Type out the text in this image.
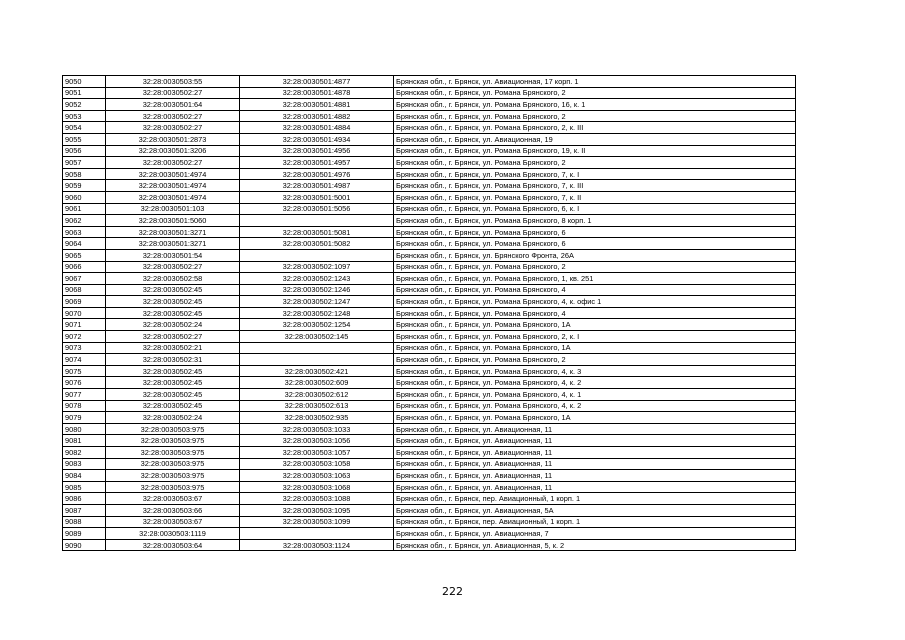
9050	32:28:0030503:55	32:28:0030501:4877	Брянская обл., г. Брянск, ул. Авиационная, 17 корп. 1
9051	32:28:0030502:27	32:28:0030501:4878	Брянская обл., г. Брянск, ул. Романа Брянского, 2
9052	32:28:0030501:64	32:28:0030501:4881	Брянская обл., г. Брянск, ул. Романа Брянского, 16, к. 1
9053	32:28:0030502:27	32:28:0030501:4882	Брянская обл., г. Брянск, ул. Романа Брянского, 2
9054	32:28:0030502:27	32:28:0030501:4884	Брянская обл., г. Брянск, ул. Романа Брянского, 2, к. III
9055	32:28:0030501:2873	32:28:0030501:4934	Брянская обл., г. Брянск, ул. Авиационная, 19
9056	32:28:0030501:3206	32:28:0030501:4956	Брянская обл., г. Брянск, ул. Романа Брянского, 19, к. II
9057	32:28:0030502:27	32:28:0030501:4957	Брянская обл., г. Брянск, ул. Романа Брянского, 2
9058	32:28:0030501:4974	32:28:0030501:4976	Брянская обл., г. Брянск, ул. Романа Брянского, 7, к. I
9059	32:28:0030501:4974	32:28:0030501:4987	Брянская обл., г. Брянск, ул. Романа Брянского, 7, к. III
9060	32:28:0030501:4974	32:28:0030501:5001	Брянская обл., г. Брянск, ул. Романа Брянского, 7, к. II
9061	32:28:0030501:103	32:28:0030501:5056	Брянская обл., г. Брянск, ул. Романа Брянского, 6, к. I
9062	32:28:0030501:5060		Брянская обл., г. Брянск, ул. Романа Брянского, 8 корп. 1
9063	32:28:0030501:3271	32:28:0030501:5081	Брянская обл., г. Брянск, ул. Романа Брянского, 6
9064	32:28:0030501:3271	32:28:0030501:5082	Брянская обл., г. Брянск, ул. Романа Брянского, 6
9065	32:28:0030501:54		Брянская обл., г. Брянск, ул. Брянского Фронта, 26А
9066	32:28:0030502:27	32:28:0030502:1097	Брянская обл., г. Брянск, ул. Романа Брянского, 2
9067	32:28:0030502:58	32:28:0030502:1243	Брянская обл., г. Брянск, ул. Романа Брянского, 1, кв. 251
9068	32:28:0030502:45	32:28:0030502:1246	Брянская обл., г. Брянск, ул. Романа Брянского, 4
9069	32:28:0030502:45	32:28:0030502:1247	Брянская обл., г. Брянск, ул. Романа Брянского, 4, к. офис 1
9070	32:28:0030502:45	32:28:0030502:1248	Брянская обл., г. Брянск, ул. Романа Брянского, 4
9071	32:28:0030502:24	32:28:0030502:1254	Брянская обл., г. Брянск, ул. Романа Брянского, 1А
9072	32:28:0030502:27	32:28:0030502:145	Брянская обл., г. Брянск, ул. Романа Брянского, 2, к. I
9073	32:28:0030502:21		Брянская обл., г. Брянск, ул. Романа Брянского, 1А
9074	32:28:0030502:31		Брянская обл., г. Брянск, ул. Романа Брянского, 2
9075	32:28:0030502:45	32:28:0030502:421	Брянская обл., г. Брянск, ул. Романа Брянского, 4, к. 3
9076	32:28:0030502:45	32:28:0030502:609	Брянская обл., г. Брянск, ул. Романа Брянского, 4, к. 2
9077	32:28:0030502:45	32:28:0030502:612	Брянская обл., г. Брянск, ул. Романа Брянского, 4, к. 1
9078	32:28:0030502:45	32:28:0030502:613	Брянская обл., г. Брянск, ул. Романа Брянского, 4, к. 2
9079	32:28:0030502:24	32:28:0030502:935	Брянская обл., г. Брянск, ул. Романа Брянского, 1А
9080	32:28:0030503:975	32:28:0030503:1033	Брянская обл., г. Брянск, ул. Авиационная, 11
9081	32:28:0030503:975	32:28:0030503:1056	Брянская обл., г. Брянск, ул. Авиационная, 11
9082	32:28:0030503:975	32:28:0030503:1057	Брянская обл., г. Брянск, ул. Авиационная, 11
9083	32:28:0030503:975	32:28:0030503:1058	Брянская обл., г. Брянск, ул. Авиационная, 11
9084	32:28:0030503:975	32:28:0030503:1063	Брянская обл., г. Брянск, ул. Авиационная, 11
9085	32:28:0030503:975	32:28:0030503:1068	Брянская обл., г. Брянск, ул. Авиационная, 11
9086	32:28:0030503:67	32:28:0030503:1088	Брянская обл., г. Брянск, пер. Авиационный, 1 корп. 1
9087	32:28:0030503:66	32:28:0030503:1095	Брянская обл., г. Брянск, ул. Авиационная, 5А
9088	32:28:0030503:67	32:28:0030503:1099	Брянская обл., г. Брянск, пер. Авиационный, 1 корп. 1
9089	32:28:0030503:1119		Брянская обл., г. Брянск, ул. Авиационная, 7
9090	32:28:0030503:64	32:28:0030503:1124	Брянская обл., г. Брянск, ул. Авиационная, 5, к. 2
222
